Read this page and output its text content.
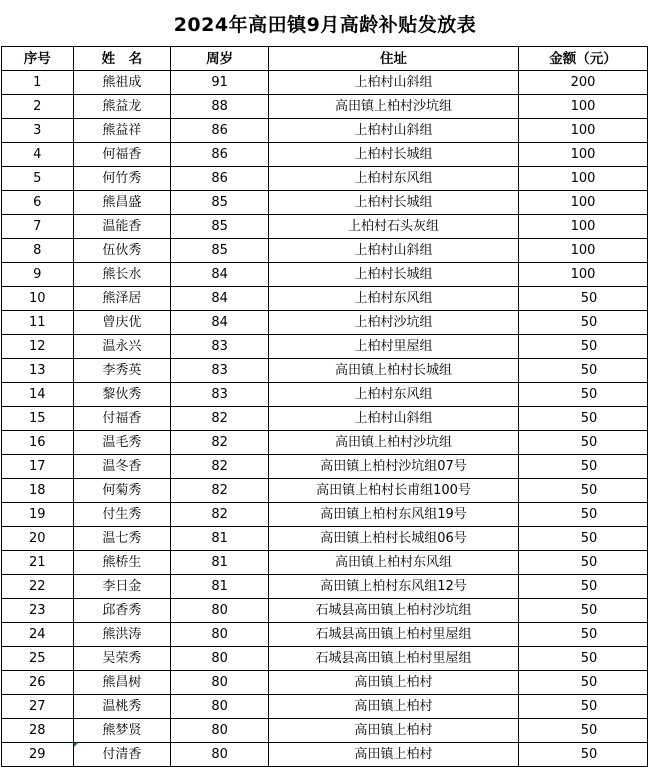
2024年高田镇9月高龄补贴发放表
序号	姓　名	周岁	住址	金额（元）
1	熊祖成	91	上柏村山斜组	200
2	熊益龙	88	高田镇上柏村沙坑组	100
3	熊益祥	86	上柏村山斜组	100
4	何福香	86	上柏村长城组	100
5	何竹秀	86	上柏村东风组	100
6	熊昌盛	85	上柏村长城组	100
7	温能香	85	上柏村石头灰组	100
8	伍伙秀	85	上柏村山斜组	100
9	熊长水	84	上柏村长城组	100
10	熊泽居	84	上柏村东风组	50
11	曾庆优	84	上柏村沙坑组	50
12	温永兴	83	上柏村里屋组	50
13	李秀英	83	高田镇上柏村长城组	50
14	黎伙秀	83	上柏村东风组	50
15	付福香	82	上柏村山斜组	50
16	温毛秀	82	高田镇上柏村沙坑组	50
17	温冬香	82	高田镇上柏村沙坑组07号	50
18	何菊秀	82	高田镇上柏村长甫组100号	50
19	付生秀	82	高田镇上柏村东风组19号	50
20	温七秀	81	高田镇上柏村长城组06号	50
21	熊桥生	81	高田镇上柏村东风组	50
22	李日金	81	高田镇上柏村东风组12号	50
23	邱香秀	80	石城县高田镇上柏村沙坑组	50
24	熊洪涛	80	石城县高田镇上柏村里屋组	50
25	吴荣秀	80	石城县高田镇上柏村里屋组	50
26	熊昌树	80	高田镇上柏村	50
27	温桃秀	80	高田镇上柏村	50
28	熊梦贤	80	高田镇上柏村	50
29	付清香	80	高田镇上柏村	50
